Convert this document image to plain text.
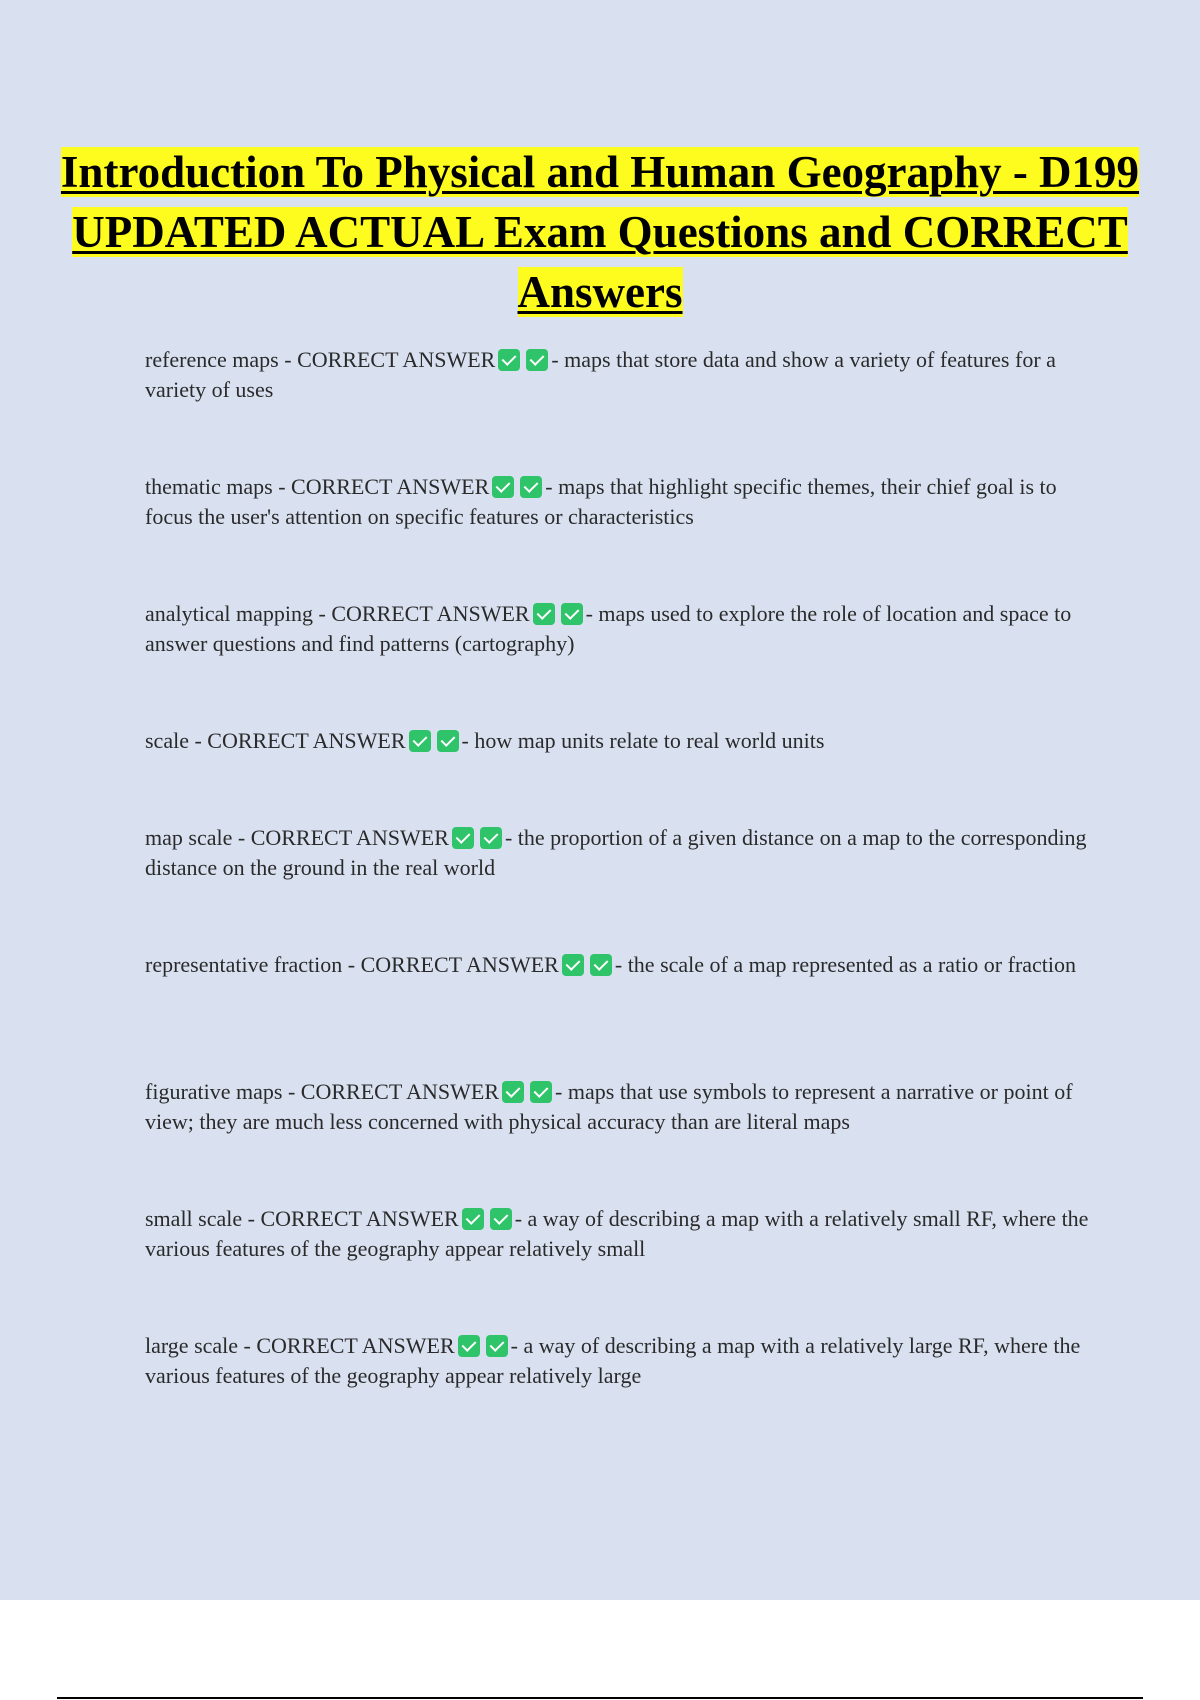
Introduction To Physical and Human Geography - D199 UPDATED ACTUAL Exam Questions and CORRECT Answers
reference maps - CORRECT ANSWER	- maps that store data and show a variety of features for a variety of uses
thematic maps - CORRECT ANSWER	- maps that highlight specific themes, their chief goal is to focus the user's attention on specific features or characteristics
analytical mapping - CORRECT ANSWER	- maps used to explore the role of location and space to answer questions and find patterns (cartography)
scale - CORRECT ANSWER	- how map units relate to real world units
map scale - CORRECT ANSWER	- the proportion of a given distance on a map to the corresponding distance on the ground in the real world
representative fraction - CORRECT ANSWER	- the scale of a map represented as a ratio or fraction
figurative maps - CORRECT ANSWER	- maps that use symbols to represent a narrative or point of view; they are much less concerned with physical accuracy than are literal maps
small scale - CORRECT ANSWER	- a way of describing a map with a relatively small RF, where the various features of the geography appear relatively small
large scale - CORRECT ANSWER	- a way of describing a map with a relatively large RF, where the various features of the geography appear relatively large
